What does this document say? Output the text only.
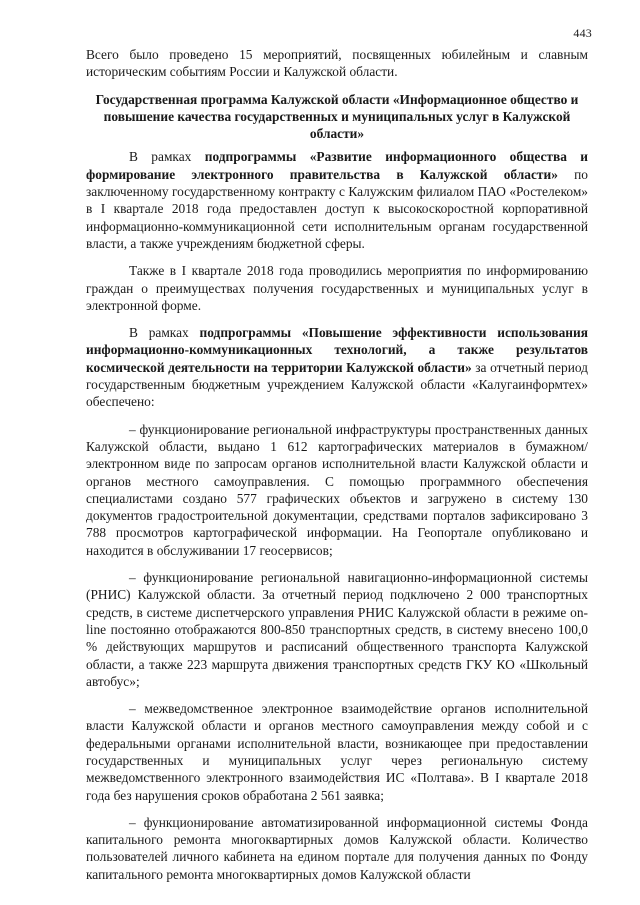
443

Всего было проведено 15 мероприятий, посвященных юбилейным и славным историческим событиям России и Калужской области.

Государственная программа Калужской области «Информационное общество и повышение качества государственных и муниципальных услуг в Калужской области»

В рамках подпрограммы «Развитие информационного общества и формирование электронного правительства в Калужской области» по заключенному государственному контракту с Калужским филиалом ПАО «Ростелеком» в I квартале 2018 года предоставлен доступ к высокоскоростной корпоративной информационно-коммуникационной сети исполнительным органам государственной власти, а также учреждениям бюджетной сферы.

Также в I квартале 2018 года проводились мероприятия по информированию граждан о преимуществах получения государственных и муниципальных услуг в электронной форме.

В рамках подпрограммы «Повышение эффективности использования информационно-коммуникационных технологий, а также результатов космической деятельности на территории Калужской области» за отчетный период государственным бюджетным учреждением Калужской области «Калугаинформтех» обеспечено:

– функционирование региональной инфраструктуры пространственных данных Калужской области, выдано 1 612 картографических материалов в бумажном/электронном виде по запросам органов исполнительной власти Калужской области и органов местного самоуправления. С помощью программного обеспечения специалистами создано 577 графических объектов и загружено в систему 130 документов градостроительной документации, средствами порталов зафиксировано 3 788 просмотров картографической информации. На Геопортале опубликовано и находится в обслуживании 17 геосервисов;

– функционирование региональной навигационно-информационной системы (РНИС) Калужской области. За отчетный период подключено 2 000 транспортных средств, в системе диспетчерского управления РНИС Калужской области в режиме on-line постоянно отображаются 800-850 транспортных средств, в систему внесено 100,0 % действующих маршрутов и расписаний общественного транспорта Калужской области, а также 223 маршрута движения транспортных средств ГКУ КО «Школьный автобус»;

– межведомственное электронное взаимодействие органов исполнительной власти Калужской области и органов местного самоуправления между собой и с федеральными органами исполнительной власти, возникающее при предоставлении государственных и муниципальных услуг через региональную систему межведомственного электронного взаимодействия ИС «Полтава». В I квартале 2018 года без нарушения сроков обработана 2 561 заявка;

– функционирование автоматизированной информационной системы Фонда капитального ремонта многоквартирных домов Калужской области. Количество пользователей личного кабинета на едином портале для получения данных по Фонду капитального ремонта многоквартирных домов Калужской области
